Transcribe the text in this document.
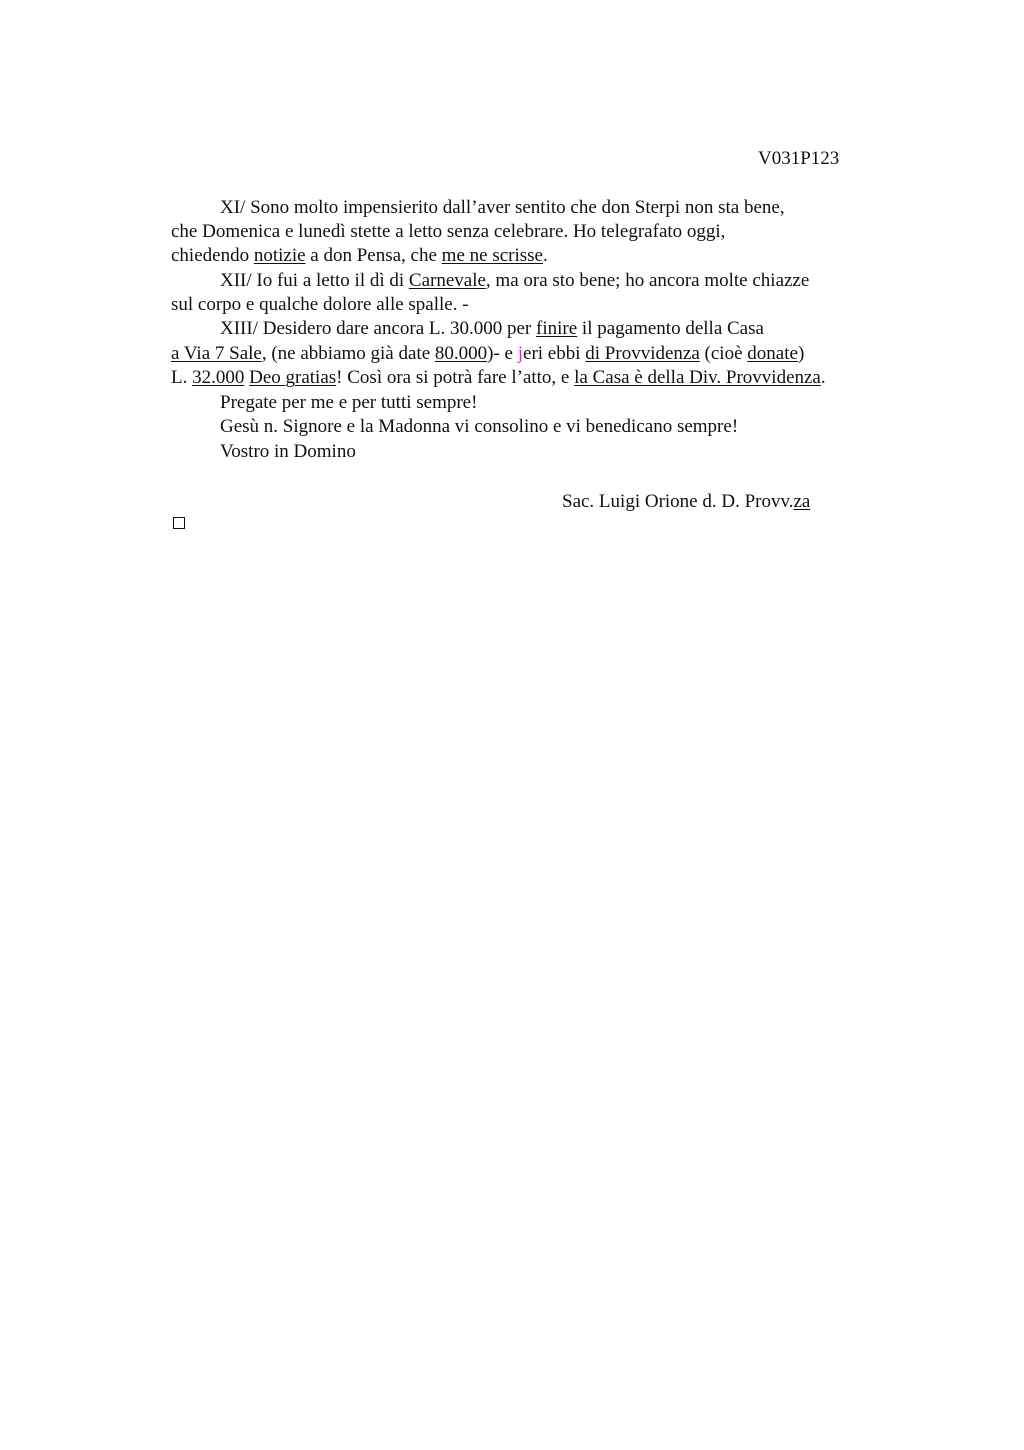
V031P123
XI/ Sono molto impensierito dall’aver sentito che don Sterpi non sta bene,
che Domenica e lunedì stette a letto senza celebrare. Ho telegrafato oggi,
chiedendo notizie a don Pensa, che me ne scrisse.
XII/ Io fui a letto il dì di Carnevale, ma ora sto bene; ho ancora molte chiazze
sul corpo e qualche dolore alle spalle. -
XIII/ Desidero dare ancora L. 30.000 per finire il pagamento della Casa
a Via 7 Sale, (ne abbiamo già date 80.000)- e jeri ebbi di Provvidenza (cioè donate)
L. 32.000 Deo gratias! Così ora si potrà fare l’atto, e la Casa è della Div. Provvidenza.
Pregate per me e per tutti sempre!
Gesù n. Signore e la Madonna vi consolino e vi benedicano sempre!
Vostro in Domino
Sac. Luigi Orione d. D. Provv.za
